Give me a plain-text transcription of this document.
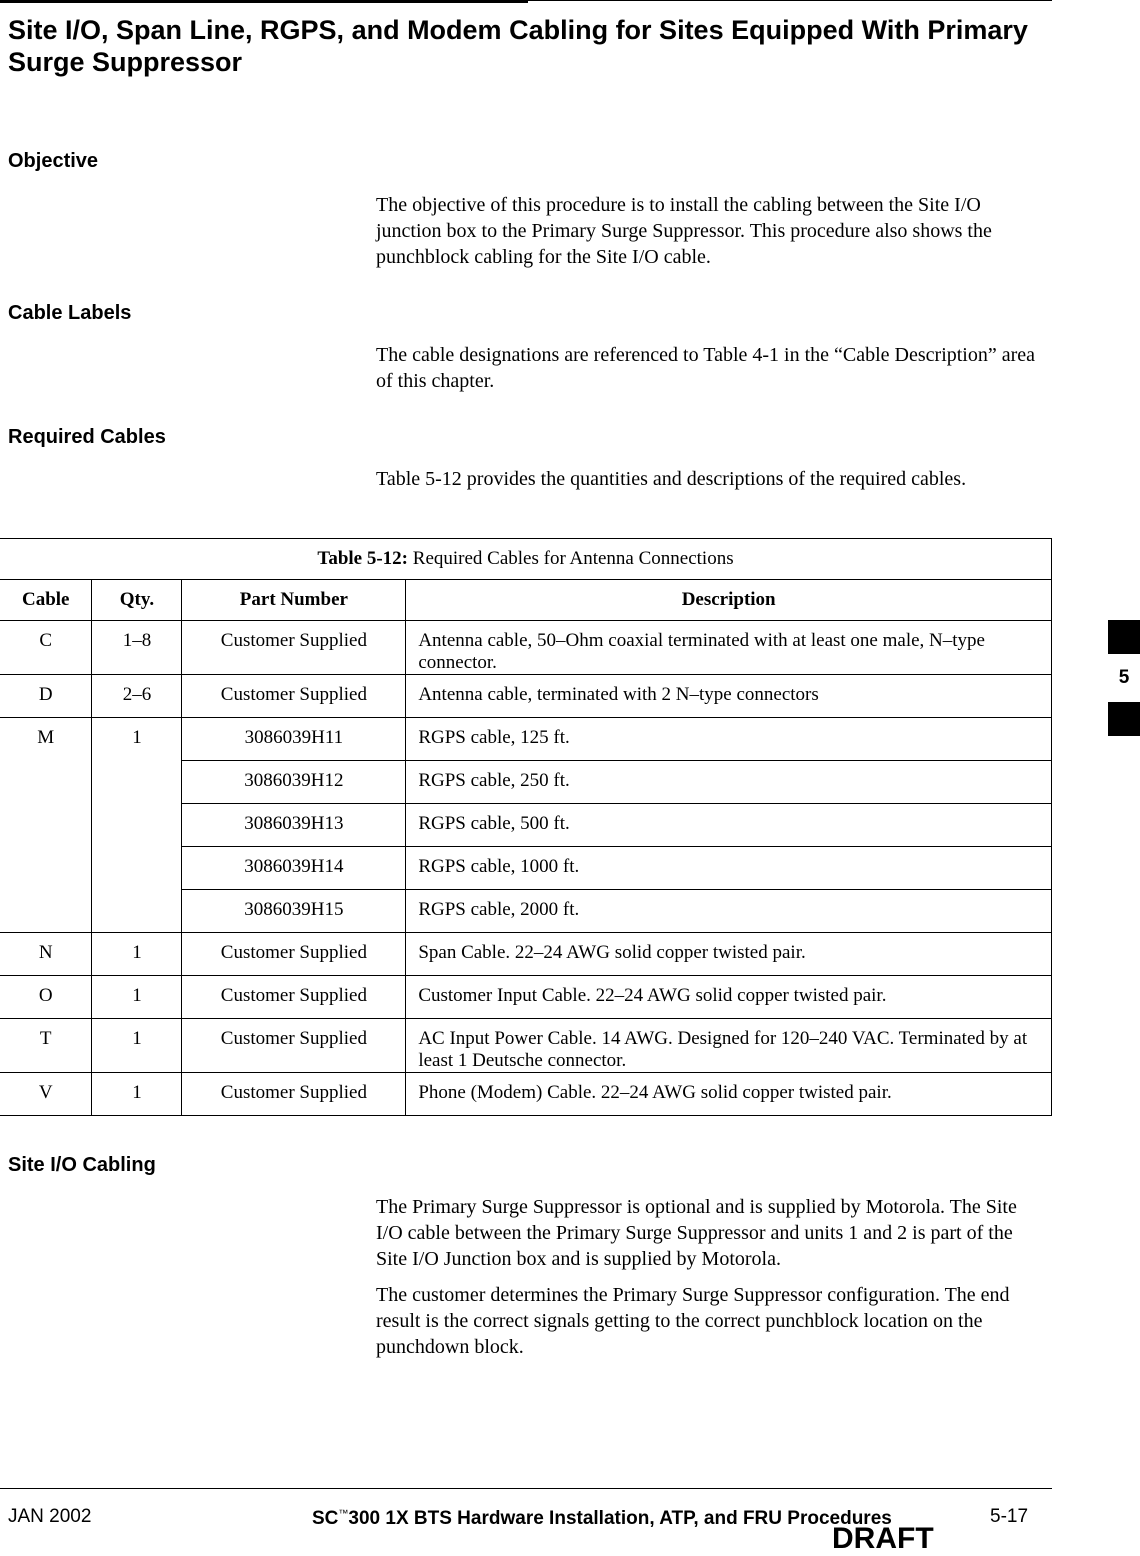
Site I/O, Span Line, RGPS, and Modem Cabling for Sites Equipped With Primary Surge Suppressor
Objective

The objective of this procedure is to install the cabling between the Site I/O junction box to the Primary Surge Suppressor. This procedure also shows the punchblock cabling for the Site I/O cable.

Cable Labels

The cable designations are referenced to Table 4-1 in the “Cable Description” area of this chapter.

Required Cables

Table 5-12 provides the quantities and descriptions of the required cables.

Table 5-12: Required Cables for Antenna Connections			
Cable	Qty.	Part Number	Description

C	1–8	Customer Supplied	Antenna cable, 50–Ohm coaxial terminated with at least one male, N–type connector.

D	2–6	Customer Supplied	Antenna cable, terminated with 2 N–type connectors

M	1	3086039H11	RGPS cable, 125 ft.

		3086039H12	RGPS cable, 250 ft.

		3086039H13	RGPS cable, 500 ft.

		3086039H14	RGPS cable, 1000 ft.

		3086039H15	RGPS cable, 2000 ft.

N	1	Customer Supplied	Span Cable. 22–24 AWG solid copper twisted pair.

O	1	Customer Supplied	Customer Input Cable. 22–24 AWG solid copper twisted pair.

T	1	Customer Supplied	AC Input Power Cable. 14 AWG. Designed for 120–240 VAC. Terminated by at least 1 Deutsche connector.

V	1	Customer Supplied	Phone (Modem) Cable. 22–24 AWG solid copper twisted pair.
Site I/O Cabling

The Primary Surge Suppressor is optional and is supplied by Motorola. The Site I/O cable between the Primary Surge Suppressor and units 1 and 2 is part of the Site I/O Junction box and is supplied by Motorola.

The customer determines the Primary Surge Suppressor configuration. The end result is the correct signals getting to the correct punchblock location on the punchdown block.

5
JAN 2002	SC™300 1X BTS Hardware Installation, ATP, and FRU Procedures	5-17
DRAFT
